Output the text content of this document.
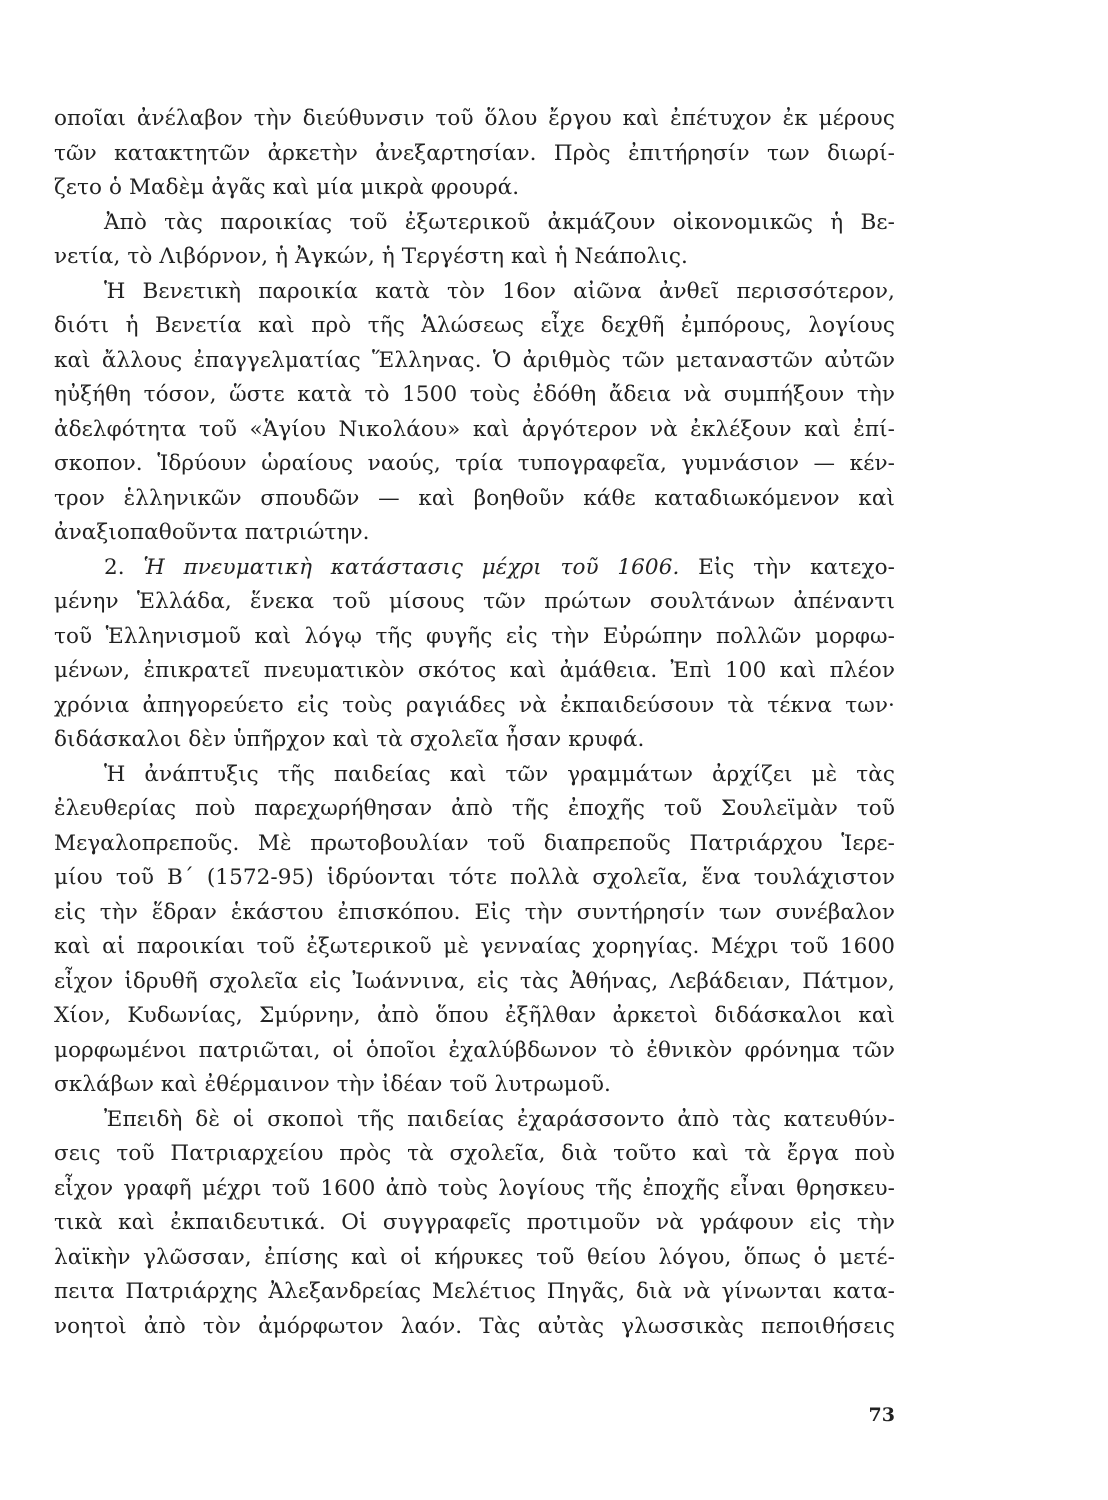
οποῖαι ἀνέλαβον τὴν διεύθυνσιν τοῦ ὅλου ἔργου καὶ ἐπέτυχον ἐκ μέρους
τῶν κατακτητῶν ἀρκετὴν ἀνεξαρτησίαν. Πρὸς ἐπιτήρησίν των διωρί-
ζετο ὁ Μαδὲμ ἀγᾶς καὶ μία μικρὰ φρουρά.
Ἀπὸ τὰς παροικίας τοῦ ἐξωτερικοῦ ἀκμάζουν οἰκονομικῶς ἡ Βε-
νετία, τὸ Λιβόρνον, ἡ Ἀγκών, ἡ Τεργέστη καὶ ἡ Νεάπολις.
Ἡ Βενετικὴ παροικία κατὰ τὸν 16ον αἰῶνα ἀνθεῖ περισσότερον,
διότι ἡ Βενετία καὶ πρὸ τῆς Ἁλώσεως εἶχε δεχθῆ ἐμπόρους, λογίους
καὶ ἄλλους ἐπαγγελματίας Ἕλληνας. Ὁ ἀριθμὸς τῶν μεταναστῶν αὐτῶν
ηὐξήθη τόσον, ὥστε κατὰ τὸ 1500 τοὺς ἐδόθη ἄδεια νὰ συμπήξουν τὴν
ἀδελφότητα τοῦ «Ἁγίου Νικολάου» καὶ ἀργότερον νὰ ἐκλέξουν καὶ ἐπί-
σκοπον. Ἱδρύουν ὡραίους ναούς, τρία τυπογραφεῖα, γυμνάσιον — κέν-
τρον ἑλληνικῶν σπουδῶν — καὶ βοηθοῦν κάθε καταδιωκόμενον καὶ
ἀναξιοπαθοῦντα πατριώτην.
2. Ἡ πνευματικὴ κατάστασις μέχρι τοῦ 1606. Εἰς τὴν κατεχο-
μένην Ἑλλάδα, ἕνεκα τοῦ μίσους τῶν πρώτων σουλτάνων ἀπέναντι
τοῦ Ἑλληνισμοῦ καὶ λόγῳ τῆς φυγῆς εἰς τὴν Εὐρώπην πολλῶν μορφω-
μένων, ἐπικρατεῖ πνευματικὸν σκότος καὶ ἀμάθεια. Ἐπὶ 100 καὶ πλέον
χρόνια ἀπηγορεύετο εἰς τοὺς ραγιάδες νὰ ἐκπαιδεύσουν τὰ τέκνα των·
διδάσκαλοι δὲν ὑπῆρχον καὶ τὰ σχολεῖα ἦσαν κρυφά.
Ἡ ἀνάπτυξις τῆς παιδείας καὶ τῶν γραμμάτων ἀρχίζει μὲ τὰς
ἐλευθερίας ποὺ παρεχωρήθησαν ἀπὸ τῆς ἐποχῆς τοῦ Σουλεϊμὰν τοῦ
Μεγαλοπρεποῦς. Μὲ πρωτοβουλίαν τοῦ διαπρεποῦς Πατριάρχου Ἱερε-
μίου τοῦ Β΄ (1572-95) ἱδρύονται τότε πολλὰ σχολεῖα, ἕνα τουλάχιστον
εἰς τὴν ἕδραν ἑκάστου ἐπισκόπου. Εἰς τὴν συντήρησίν των συνέβαλον
καὶ αἱ παροικίαι τοῦ ἐξωτερικοῦ μὲ γενναίας χορηγίας. Μέχρι τοῦ 1600
εἶχον ἱδρυθῆ σχολεῖα εἰς Ἰωάννινα, εἰς τὰς Ἀθήνας, Λεβάδειαν, Πάτμον,
Χίον, Κυδωνίας, Σμύρνην, ἀπὸ ὅπου ἐξῆλθαν ἀρκετοὶ διδάσκαλοι καὶ
μορφωμένοι πατριῶται, οἱ ὁποῖοι ἐχαλύβδωνον τὸ ἐθνικὸν φρόνημα τῶν
σκλάβων καὶ ἐθέρμαινον τὴν ἰδέαν τοῦ λυτρωμοῦ.
Ἐπειδὴ δὲ οἱ σκοποὶ τῆς παιδείας ἐχαράσσοντο ἀπὸ τὰς κατευθύν-
σεις τοῦ Πατριαρχείου πρὸς τὰ σχολεῖα, διὰ τοῦτο καὶ τὰ ἔργα ποὺ
εἶχον γραφῆ μέχρι τοῦ 1600 ἀπὸ τοὺς λογίους τῆς ἐποχῆς εἶναι θρησκευ-
τικὰ καὶ ἐκπαιδευτικά. Οἱ συγγραφεῖς προτιμοῦν νὰ γράφουν εἰς τὴν
λαϊκὴν γλῶσσαν, ἐπίσης καὶ οἱ κήρυκες τοῦ θείου λόγου, ὅπως ὁ μετέ-
πειτα Πατριάρχης Ἀλεξανδρείας Μελέτιος Πηγᾶς, διὰ νὰ γίνωνται κατα-
νοητοὶ ἀπὸ τὸν ἀμόρφωτον λαόν. Τὰς αὐτὰς γλωσσικὰς πεποιθήσεις
73
